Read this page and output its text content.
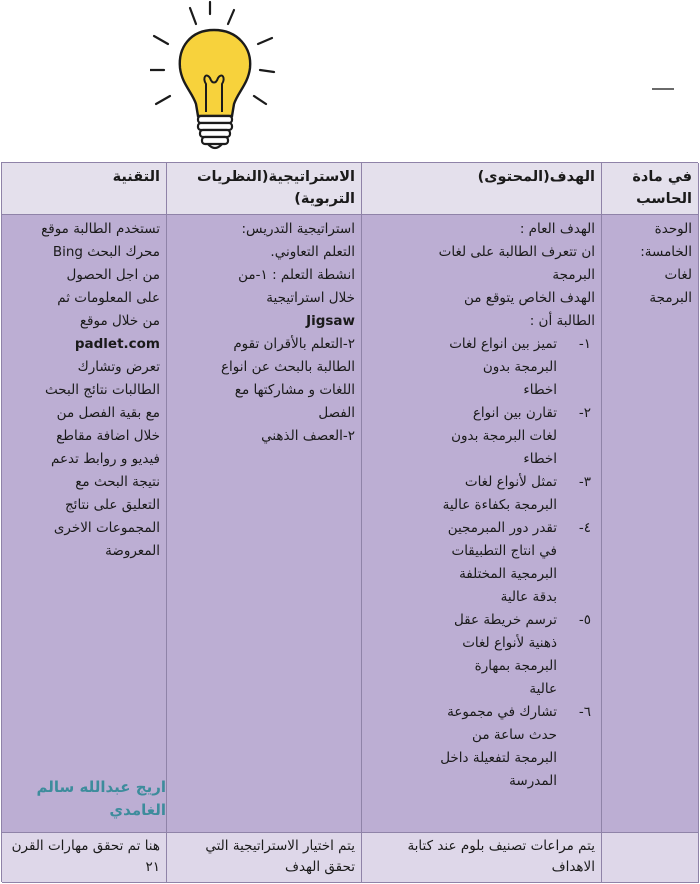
التقنية	الاستراتيجية(النظريات التربوية)
الهدف(المحتوى)	في مادة الحاسب
تستخدم الطالبة موقع
محرك البحث Bing
من اجل الحصول
على المعلومات ثم
من خلال موقع
padlet.com
تعرض وتشارك
الطالبات نتائج البحث
مع بقية الفصل من
خلال اضافة مقاطع
فيديو و روابط تدعم
نتيجة البحث مع
التعليق على نتائج
المجموعات الاخرى
المعروضة
اريج عبدالله سالم الغامدي
استراتيجية التدريس:
التعلم التعاوني.
انشطة التعلم : ١-من
خلال استراتيجية
Jigsaw
٢-التعلم بالأقران تقوم
الطالبة بالبحث عن انواع
اللغات و مشاركتها مع
الفصل
٢-العصف الذهني
الهدف العام :
ان تتعرف الطالبة على لغات
البرمجة
الهدف الخاص يتوقع من
الطالبة أن :
١-
تميز بين انواع لغات
البرمجة بدون
اخطاء
٢-
تقارن بين انواع
لغات البرمجة بدون
اخطاء
٣-
تمثل لأنواع لغات
البرمجة بكفاءة عالية
٤-
تقدر دور المبرمجين
في انتاج التطبيقات
البرمجية المختلفة
بدقة عالية
٥-
ترسم خريطة عقل
ذهنية لأنواع لغات
البرمجة بمهارة
عالية
٦-
تشارك في مجموعة
حدث ساعة من
البرمجة لتفعيلة داخل
المدرسة
الوحدة
الخامسة:
لغات
البرمجة
هنا تم تحقق مهارات القرن ٢١
يتم اختيار الاستراتيجية التي تحقق الهدف
يتم مراعات تصنيف بلوم عند كتابة الاهداف
